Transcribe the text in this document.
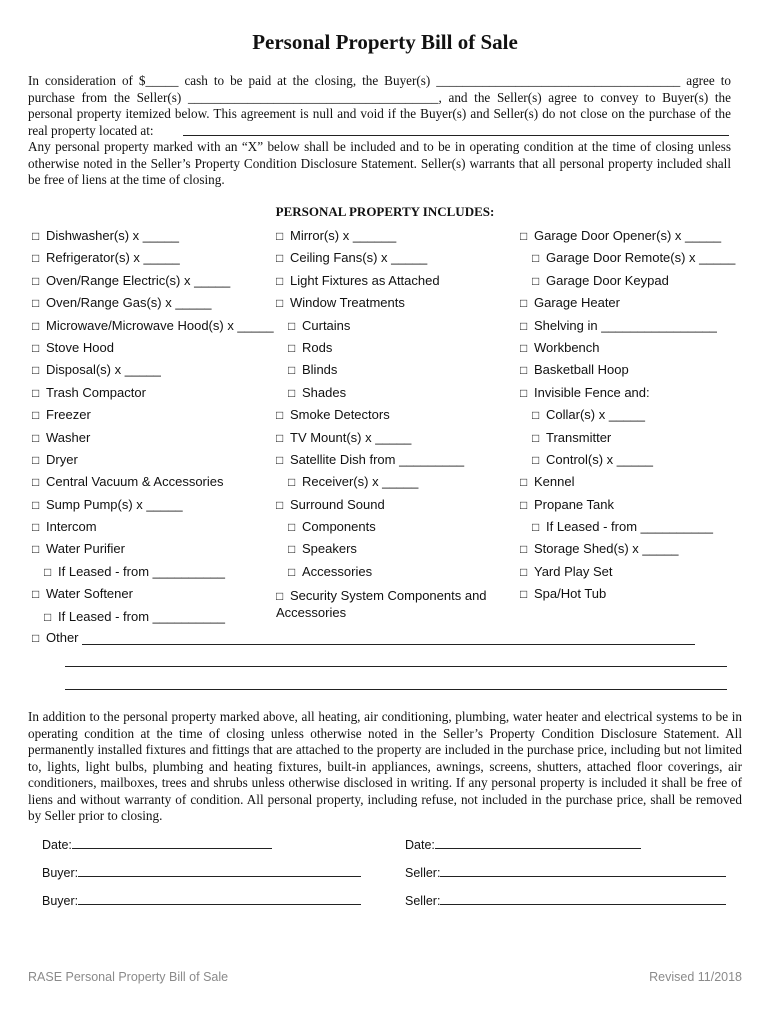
Personal Property Bill of Sale

In consideration of $_____ cash to be paid at the closing, the Buyer(s) _____________________________________ agree to purchase from the Seller(s) ______________________________________, and the Seller(s) agree to convey to Buyer(s) the personal property itemized below. This agreement is null and void if the Buyer(s) and Seller(s) do not close on the purchase of the real property located at:

Any personal property marked with an “X” below shall be included and to be in operating condition at the time of closing unless otherwise noted in the Seller’s Property Condition Disclosure Statement. Seller(s) warrants that all personal property included shall be free of liens at the time of closing.

PERSONAL PROPERTY INCLUDES:
□ Dishwasher(s) x _____
□ Refrigerator(s) x _____
□ Oven/Range Electric(s) x _____
□ Oven/Range Gas(s) x _____
□ Microwave/Microwave Hood(s) x _____
□ Stove Hood
□ Disposal(s) x _____
□ Trash Compactor
□ Freezer
□ Washer
□ Dryer
□ Central Vacuum & Accessories
□ Sump Pump(s) x _____
□ Intercom
□ Water Purifier
□ If Leased - from __________
□ Water Softener
□ If Leased - from __________
□ Mirror(s) x ______
□ Ceiling Fans(s) x _____
□ Light Fixtures as Attached
□ Window Treatments
□ Curtains
□ Rods
□ Blinds
□ Shades
□ Smoke Detectors
□ TV Mount(s) x _____
□ Satellite Dish from _________
□ Receiver(s) x _____
□ Surround Sound
□ Components
□ Speakers
□ Accessories
□ Security System Components and Accessories
□ Garage Door Opener(s) x _____
□ Garage Door Remote(s) x _____
□ Garage Door Keypad
□ Garage Heater
□ Shelving in ________________
□ Workbench
□ Basketball Hoop
□ Invisible Fence and:
□ Collar(s) x _____
□ Transmitter
□ Control(s) x _____
□ Kennel
□ Propane Tank
□ If Leased - from __________
□ Storage Shed(s) x _____
□ Yard Play Set
□ Spa/Hot Tub
□ Other

In addition to the personal property marked above, all heating, air conditioning, plumbing, water heater and electrical systems to be in operating condition at the time of closing unless otherwise noted in the Seller’s Property Condition Disclosure Statement. All permanently installed fixtures and fittings that are attached to the property are included in the purchase price, including but not limited to, lights, light bulbs, plumbing and heating fixtures, built-in appliances, awnings, screens, shutters, attached floor coverings, air conditioners, mailboxes, trees and shrubs unless otherwise disclosed in writing. If any personal property is included it shall be free of liens and without warranty of condition. All personal property, including refuse, not included in the purchase price, shall be removed by Seller prior to closing.

Date:	Date:
Buyer:	Seller:
Buyer:	Seller:
RASE Personal Property Bill of Sale	Revised 11/2018
